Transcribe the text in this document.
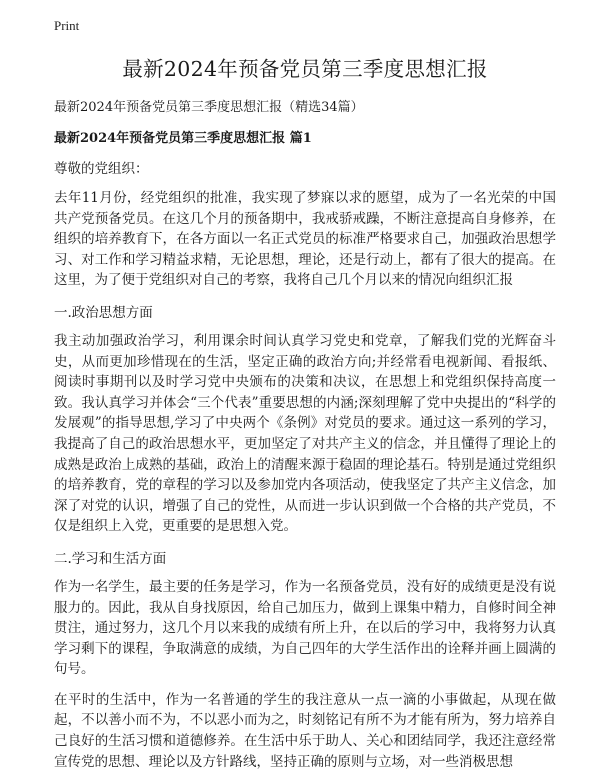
Print
最新2024年预备党员第三季度思想汇报
最新2024年预备党员第三季度思想汇报（精选34篇）
最新2024年预备党员第三季度思想汇报 篇1
尊敬的党组织：

去年11月份，经党组织的批准，我实现了梦寐以求的愿望，成为了一名光荣的中国共产党预备党员。在这几个月的预备期中，我戒骄戒躁，不断注意提高自身修养，在组织的培养教育下，在各方面以一名正式党员的标准严格要求自己，加强政治思想学习、对工作和学习精益求精，无论思想，理论，还是行动上，都有了很大的提高。在这里，为了便于党组织对自己的考察，我将自己几个月以来的情况向组织汇报

一.政治思想方面

我主动加强政治学习，利用课余时间认真学习党史和党章，了解我们党的光辉奋斗史，从而更加珍惜现在的生活，坚定正确的政治方向;并经常看电视新闻、看报纸、阅读时事期刊以及时学习党中央颁布的决策和决议，在思想上和党组织保持高度一致。我认真学习并体会“三个代表”重要思想的内涵;深刻理解了党中央提出的“科学的发展观”的指导思想,学习了中央两个《条例》对党员的要求。通过这一系列的学习，我提高了自己的政治思想水平，更加坚定了对共产主义的信念，并且懂得了理论上的成熟是政治上成熟的基础，政治上的清醒来源于稳固的理论基石。特别是通过党组织的培养教育，党的章程的学习以及参加党内各项活动，使我坚定了共产主义信念，加深了对党的认识，增强了自己的党性，从而进一步认识到做一个合格的共产党员，不仅是组织上入党，更重要的是思想入党。

二.学习和生活方面

作为一名学生，最主要的任务是学习，作为一名预备党员，没有好的成绩更是没有说服力的。因此，我从自身找原因，给自己加压力，做到上课集中精力，自修时间全神贯注，通过努力，这几个月以来我的成绩有所上升，在以后的学习中，我将努力认真学习剩下的课程，争取满意的成绩，为自己四年的大学生活作出的诠释并画上圆满的句号。

在平时的生活中，作为一名普通的学生的我注意从一点一滴的小事做起，从现在做起，不以善小而不为，不以恶小而为之，时刻铭记有所不为才能有所为，努力培养自己良好的生活习惯和道德修养。在生活中乐于助人、关心和团结同学，我还注意经常宣传党的思想、理论以及方针路线，坚持正确的原则与立场，对一些消极思想
